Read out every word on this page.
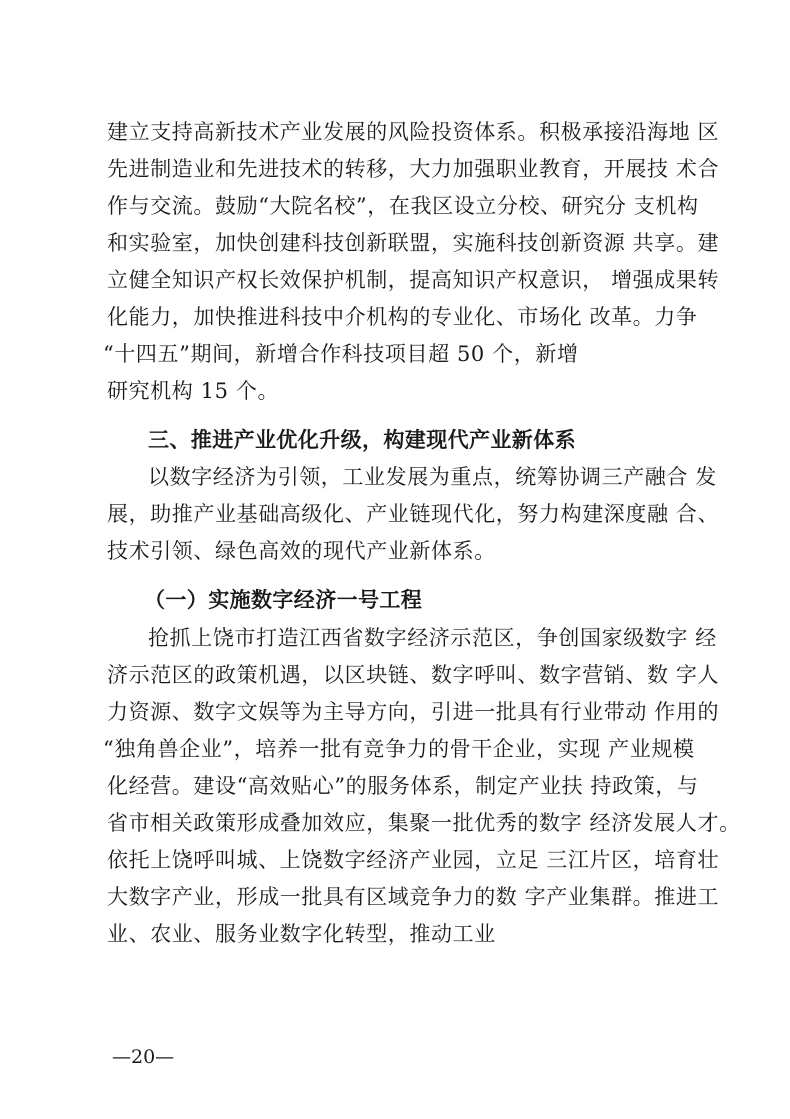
建立支持高新技术产业发展的风险投资体系。积极承接沿海地 区
先进制造业和先进技术的转移，大力加强职业教育，开展技 术合
作与交流。鼓励“大院名校”，在我区设立分校、研究分 支机构
和实验室，加快创建科技创新联盟，实施科技创新资源 共享。建
立健全知识产权长效保护机制，提高知识产权意识， 增强成果转
化能力，加快推进科技中介机构的专业化、市场化 改革。力争
“十四五”期间，新增合作科技项目超 50 个，新增
研究机构 15 个。
三、推进产业优化升级，构建现代产业新体系
以数字经济为引领，工业发展为重点，统筹协调三产融合 发
展，助推产业基础高级化、产业链现代化，努力构建深度融 合、
技术引领、绿色高效的现代产业新体系。
（一）实施数字经济一号工程
抢抓上饶市打造江西省数字经济示范区，争创国家级数字 经
济示范区的政策机遇，以区块链、数字呼叫、数字营销、数 字人
力资源、数字文娱等为主导方向，引进一批具有行业带动 作用的
“独角兽企业”，培养一批有竞争力的骨干企业，实现 产业规模
化经营。建设“高效贴心”的服务体系，制定产业扶 持政策，与
省市相关政策形成叠加效应，集聚一批优秀的数字 经济发展人才。
依托上饶呼叫城、上饶数字经济产业园，立足 三江片区，培育壮
大数字产业，形成一批具有区域竞争力的数 字产业集群。推进工
业、农业、服务业数字化转型，推动工业
—20—
